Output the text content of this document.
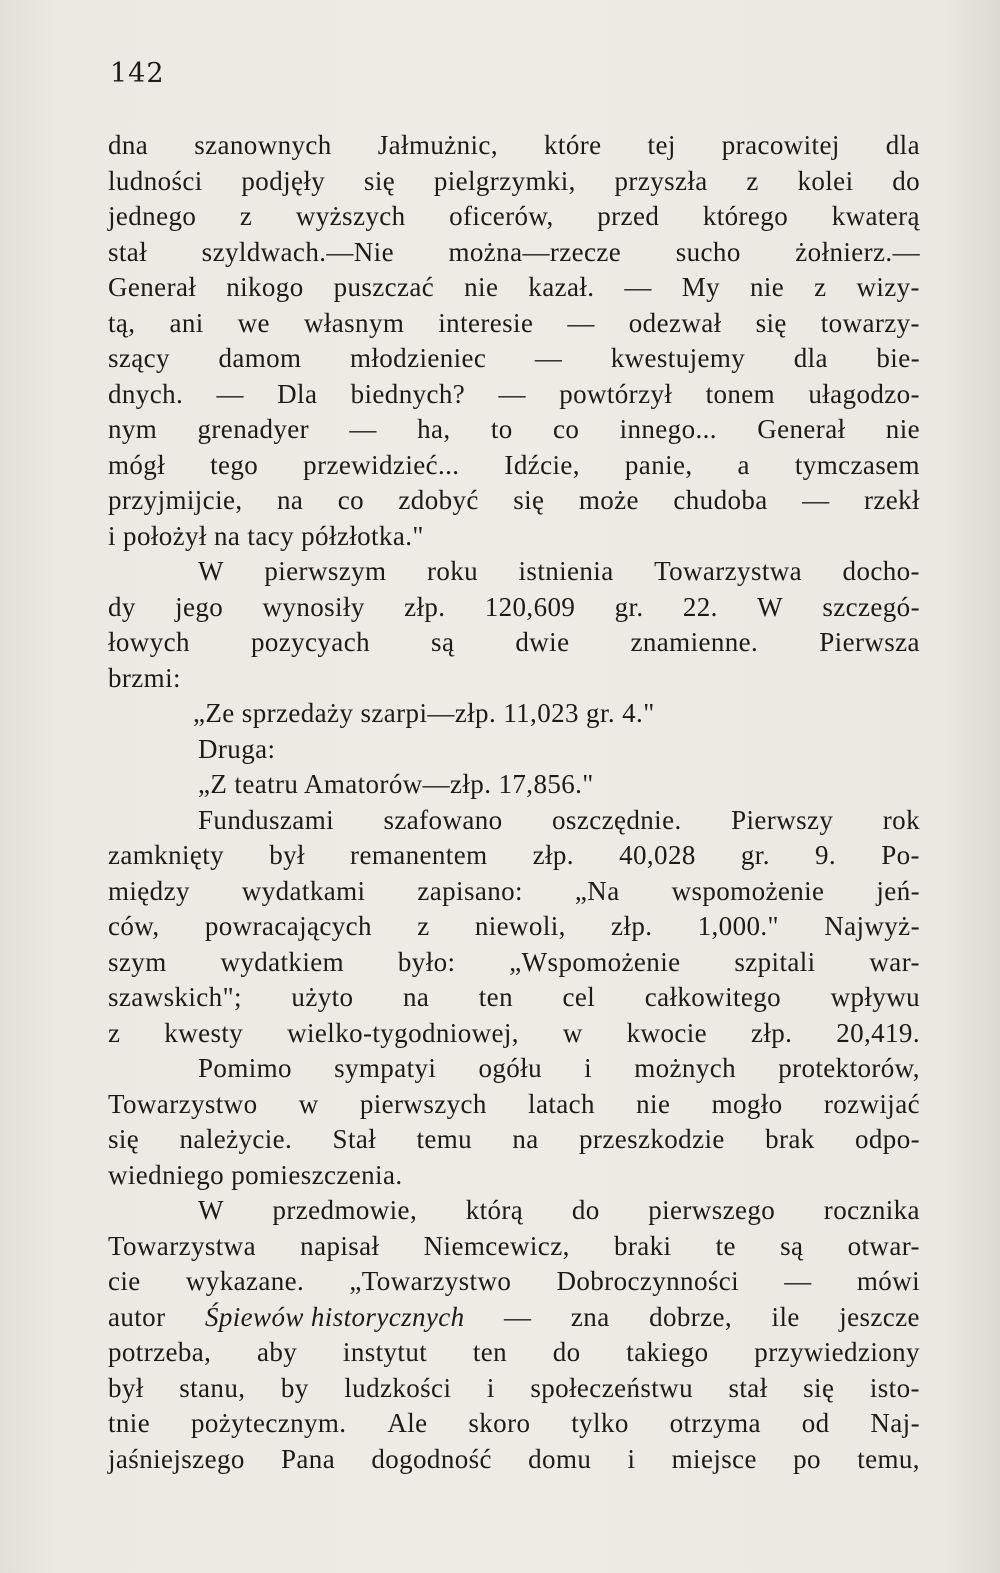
142
dna szanownych Jałmużnic, które tej pracowitej dla
ludności podjęły się pielgrzymki, przyszła z kolei do
jednego z wyższych oficerów, przed którego kwaterą
stał szyldwach.—Nie można—rzecze sucho żołnierz.—
Generał nikogo puszczać nie kazał. — My nie z wizy-
tą, ani we własnym interesie — odezwał się towarzy-
szący damom młodzieniec — kwestujemy dla bie-
dnych. — Dla biednych? — powtórzył tonem ułagodzo-
nym grenadyer — ha, to co innego... Generał nie
mógł tego przewidzieć... Idźcie, panie, a tymczasem
przyjmijcie, na co zdobyć się może chudoba — rzekł
i położył na tacy półzłotka."
W pierwszym roku istnienia Towarzystwa docho-
dy jego wynosiły złp. 120,609 gr. 22. W szczegó-
łowych pozycyach są dwie znamienne. Pierwsza
brzmi:
„Ze sprzedaży szarpi—złp. 11,023 gr. 4."
Druga:
„Z teatru Amatorów—złp. 17,856."
Funduszami szafowano oszczędnie. Pierwszy rok
zamknięty był remanentem złp. 40,028 gr. 9. Po-
między wydatkami zapisano: „Na wspomożenie jeń-
ców, powracających z niewoli, złp. 1,000." Najwyż-
szym wydatkiem było: „Wspomożenie szpitali war-
szawskich"; użyto na ten cel całkowitego wpływu
z kwesty wielko-tygodniowej, w kwocie złp. 20,419.
Pomimo sympatyi ogółu i możnych protektorów,
Towarzystwo w pierwszych latach nie mogło rozwijać
się należycie. Stał temu na przeszkodzie brak odpo-
wiedniego pomieszczenia.
W przedmowie, którą do pierwszego rocznika
Towarzystwa napisał Niemcewicz, braki te są otwar-
cie wykazane. „Towarzystwo Dobroczynności — mówi
autor Śpiewów historycznych — zna dobrze, ile jeszcze
potrzeba, aby instytut ten do takiego przywiedziony
był stanu, by ludzkości i społeczeństwu stał się isto-
tnie pożytecznym. Ale skoro tylko otrzyma od Naj-
jaśniejszego Pana dogodność domu i miejsce po temu,
